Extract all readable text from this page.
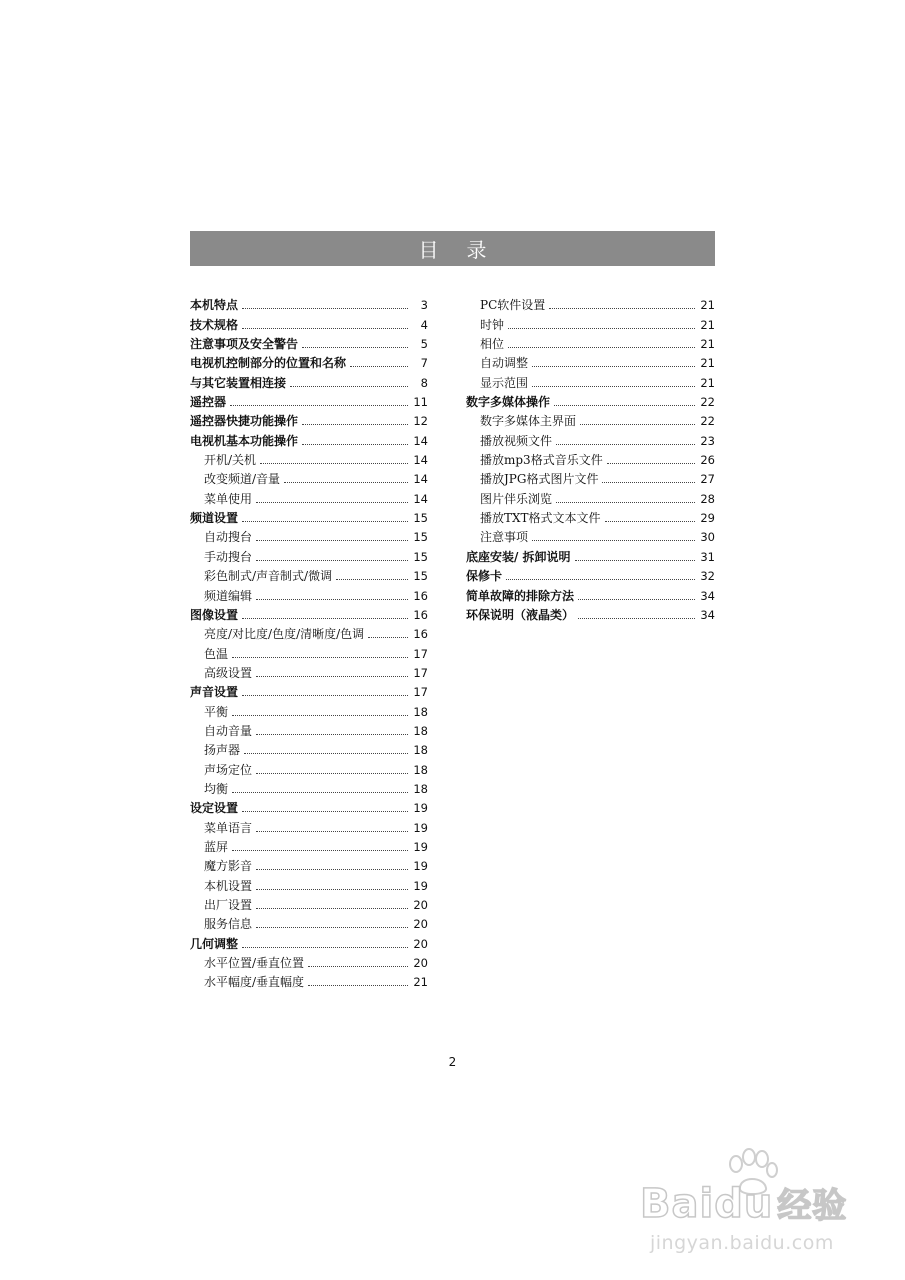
目录
本机特点	3
技术规格	4
注意事项及安全警告	5
电视机控制部分的位置和名称	7
与其它装置相连接	8
遥控器	11
遥控器快捷功能操作	12
电视机基本功能操作	14
开机/关机	14
改变频道/音量	14
菜单使用	14
频道设置	15
自动搜台	15
手动搜台	15
彩色制式/声音制式/微调	15
频道编辑	16
图像设置	16
亮度/对比度/色度/清晰度/色调	16
色温	17
高级设置	17
声音设置	17
平衡	18
自动音量	18
扬声器	18
声场定位	18
均衡	18
设定设置	19
菜单语言	19
蓝屏	19
魔方影音	19
本机设置	19
出厂设置	20
服务信息	20
几何调整	20
水平位置/垂直位置	20
水平幅度/垂直幅度	21
PC软件设置	21
时钟	21
相位	21
自动调整	21
显示范围	21
数字多媒体操作	22
数字多媒体主界面	22
播放视频文件	23
播放mp3格式音乐文件	26
播放JPG格式图片文件	27
图片伴乐浏览	28
播放TXT格式文本文件	29
注意事项	30
底座安装/ 拆卸说明	31
保修卡	32
简单故障的排除方法	34
环保说明（液晶类）	34
2
Baidu 经验
jingyan.baidu.com
